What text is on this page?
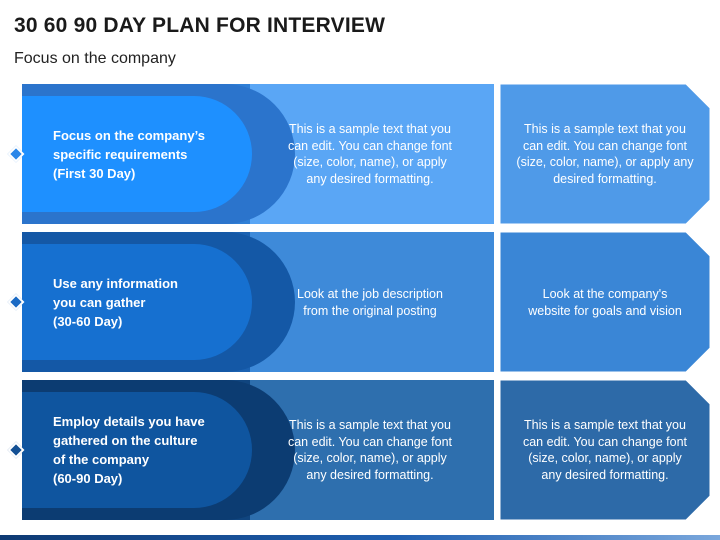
30 60 90 DAY PLAN FOR INTERVIEW
Focus on the company
Focus on the company’s
specific requirements
(First 30 Day)
This is a sample text that you
can edit. You can change font
(size, color, name), or apply
any desired formatting.
This is a sample text that you
can edit. You can change font
(size, color, name), or apply any
desired formatting.
Use any information
you can gather
(30-60 Day)
Look at the job description
from the original posting
Look at the company's
website for goals and vision
Employ details you have
gathered on the culture
of the company
(60-90 Day)
This is a sample text that you
can edit. You can change font
(size, color, name), or apply
any desired formatting.
This is a sample text that you
can edit. You can change font
(size, color, name), or apply
any desired formatting.
